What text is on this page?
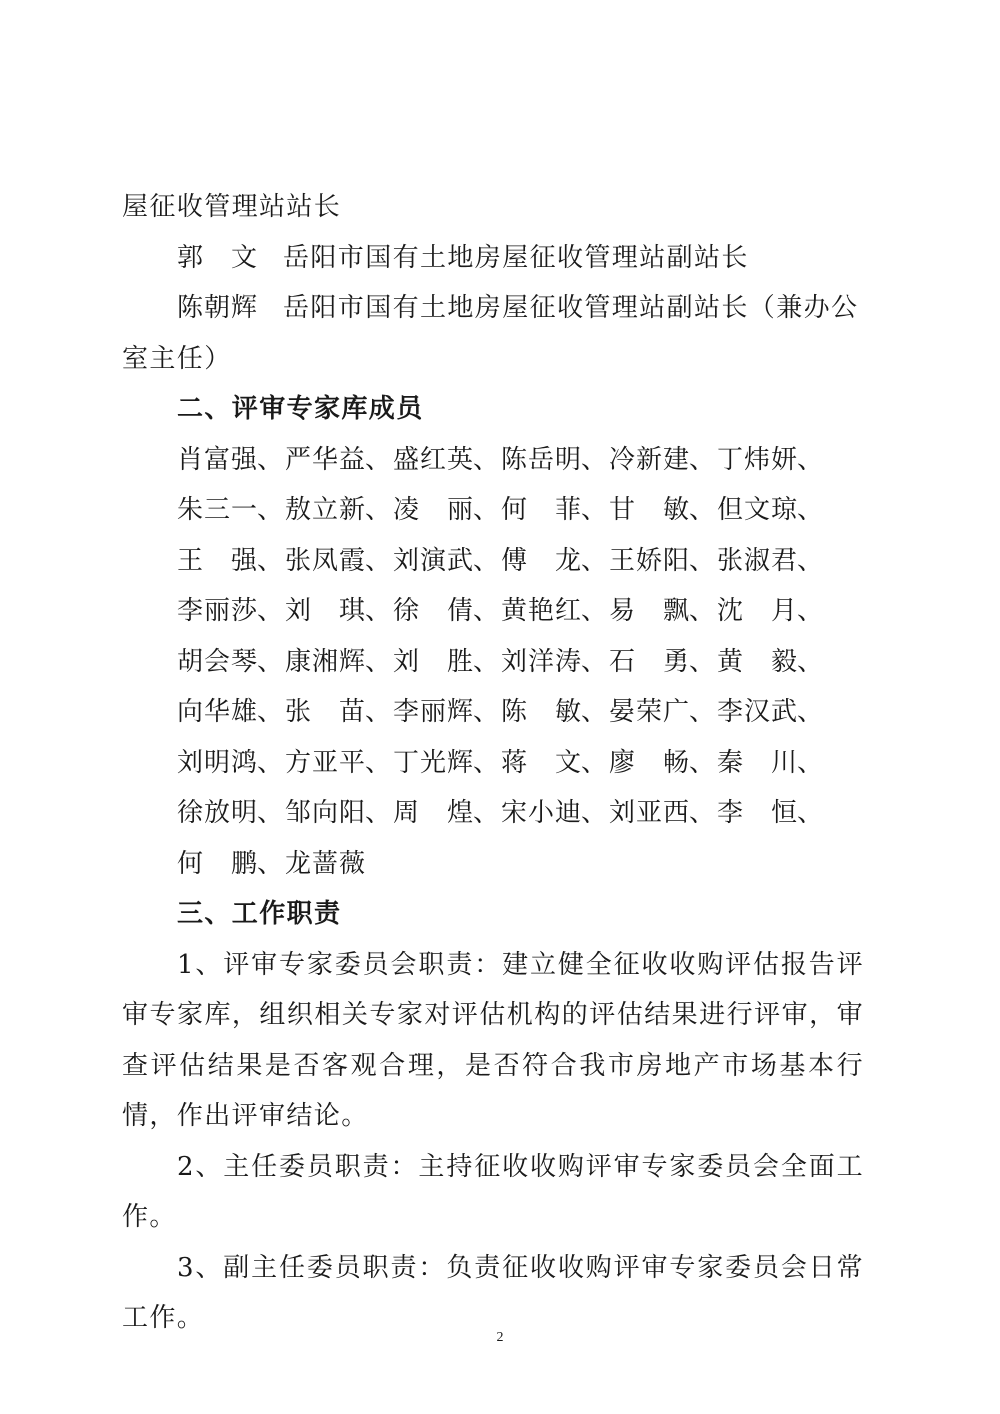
屋征收管理站站长

郭文 岳阳市国有土地房屋征收管理站副站长
陈朝辉 岳阳市国有土地房屋征收管理站副站长（兼办公室主任）

二、评审专家库成员

肖富强 、 严华益 、 盛红英 、 陈岳明 、 冷新建 、 丁炜妍 、
朱三一 、 敖立新 、 凌丽 、 何菲 、 甘敏 、 但文琼 、
王强 、 张凤霞 、 刘演武 、 傅龙 、 王娇阳 、 张淑君 、
李丽莎 、 刘琪 、 徐倩 、 黄艳红 、 易飘 、 沈月 、
胡会琴 、 康湘辉 、 刘胜 、 刘洋涛 、 石勇 、 黄毅 、
向华雄 、 张苗 、 李丽辉 、 陈敏 、 晏荣广 、 李汉武 、
刘明鸿 、 方亚平 、 丁光辉 、 蒋文 、 廖畅 、 秦川 、
徐放明 、 邹向阳 、 周煌 、 宋小迪 、 刘亚西 、 李恒 、
何鹏 、 龙蔷薇

三、工作职责

1、评审专家委员会职责：建立健全征收收购评估报告评审专家库，组织相关专家对评估机构的评估结果进行评审，审查评估结果是否客观合理，是否符合我市房地产市场基本行情，作出评审结论。

2、主任委员职责：主持征收收购评审专家委员会全面工作。

3、副主任委员职责：负责征收收购评审专家委员会日常工作。

2
